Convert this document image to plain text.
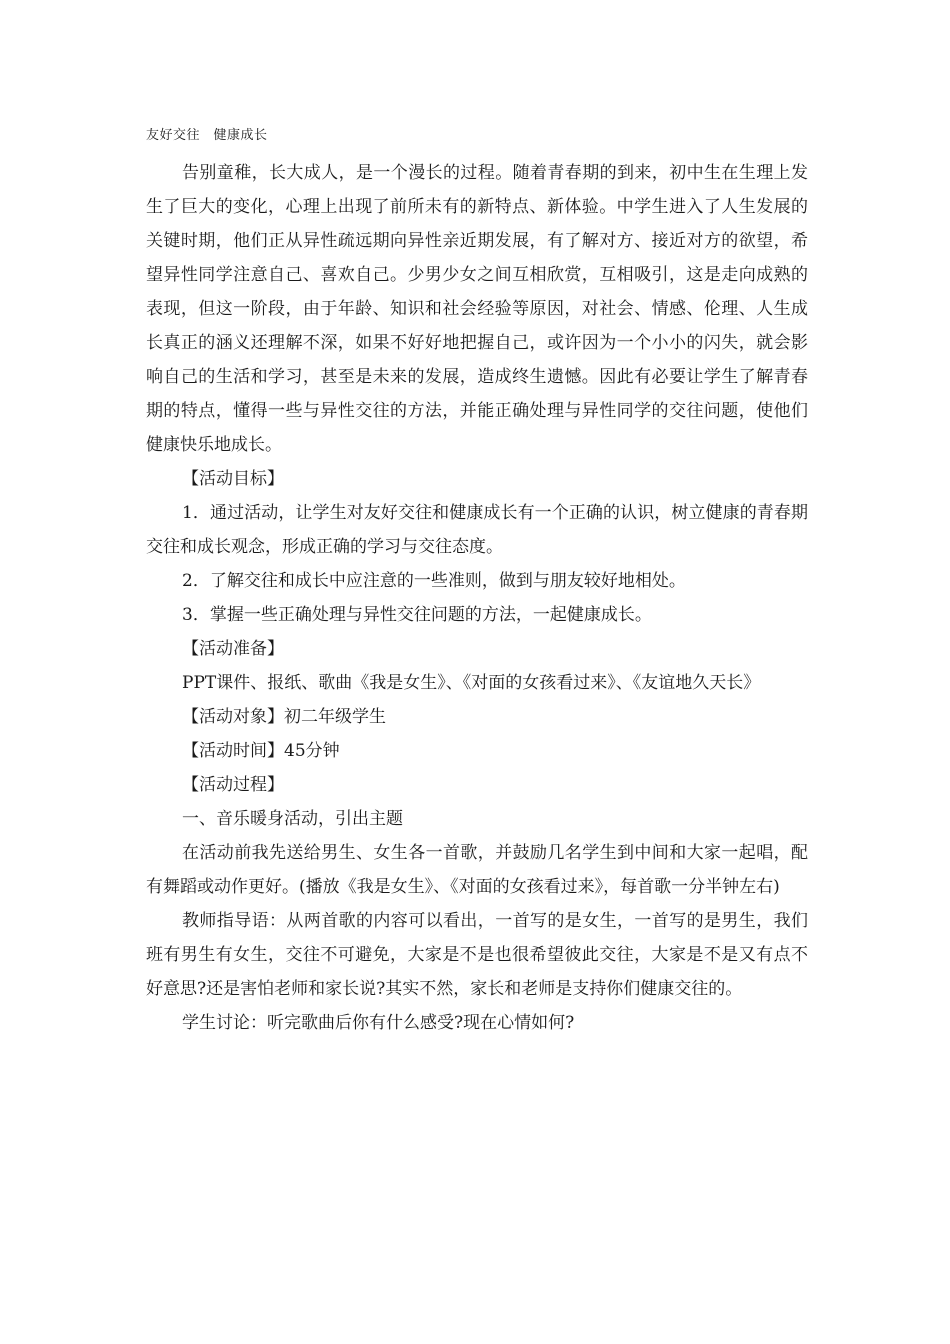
友好交往　健康成长

告别童稚，长大成人，是一个漫长的过程。随着青春期的到来，初中生在生理上发生了巨大的变化，心理上出现了前所未有的新特点、新体验。中学生进入了人生发展的关键时期，他们正从异性疏远期向异性亲近期发展，有了解对方、接近对方的欲望，希望异性同学注意自己、喜欢自己。少男少女之间互相欣赏，互相吸引，这是走向成熟的表现，但这一阶段，由于年龄、知识和社会经验等原因，对社会、情感、伦理、人生成长真正的涵义还理解不深，如果不好好地把握自己，或许因为一个小小的闪失，就会影响自己的生活和学习，甚至是未来的发展，造成终生遗憾。因此有必要让学生了解青春期的特点，懂得一些与异性交往的方法，并能正确处理与异性同学的交往问题，使他们健康快乐地成长。

【活动目标】

1．通过活动，让学生对友好交往和健康成长有一个正确的认识，树立健康的青春期交往和成长观念，形成正确的学习与交往态度。

2．了解交往和成长中应注意的一些准则，做到与朋友较好地相处。

3．掌握一些正确处理与异性交往问题的方法，一起健康成长。

【活动准备】

PPT课件、报纸、歌曲《我是女生》、《对面的女孩看过来》、《友谊地久天长》

【活动对象】初二年级学生

【活动时间】45分钟

【活动过程】

一、音乐暖身活动，引出主题

在活动前我先送给男生、女生各一首歌，并鼓励几名学生到中间和大家一起唱，配有舞蹈或动作更好。(播放《我是女生》、《对面的女孩看过来》，每首歌一分半钟左右)

教师指导语：从两首歌的内容可以看出，一首写的是女生，一首写的是男生，我们班有男生有女生，交往不可避免，大家是不是也很希望彼此交往，大家是不是又有点不好意思?还是害怕老师和家长说?其实不然，家长和老师是支持你们健康交往的。

学生讨论：听完歌曲后你有什么感受?现在心情如何?
